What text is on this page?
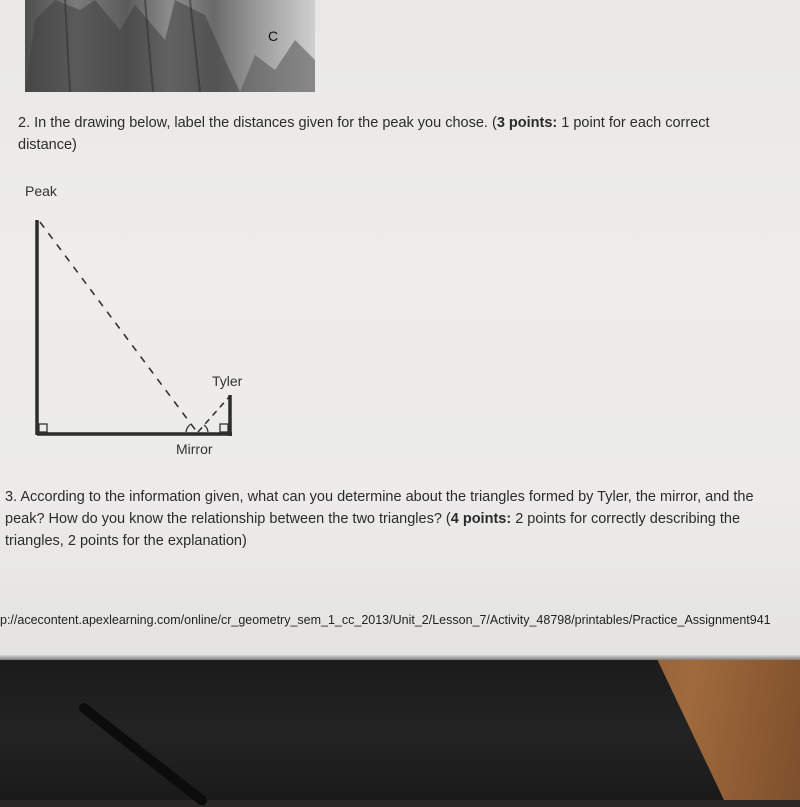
C
2. In the drawing below, label the distances given for the peak you chose. (3 points: 1 point for each correct distance)
Peak
Tyler
Mirror
3. According to the information given, what can you determine about the triangles formed by Tyler, the mirror, and the peak? How do you know the relationship between the two triangles? (4 points: 2 points for correctly describing the triangles, 2 points for the explanation)
p://acecontent.apexlearning.com/online/cr_geometry_sem_1_cc_2013/Unit_2/Lesson_7/Activity_48798/printables/Practice_Assignment941
